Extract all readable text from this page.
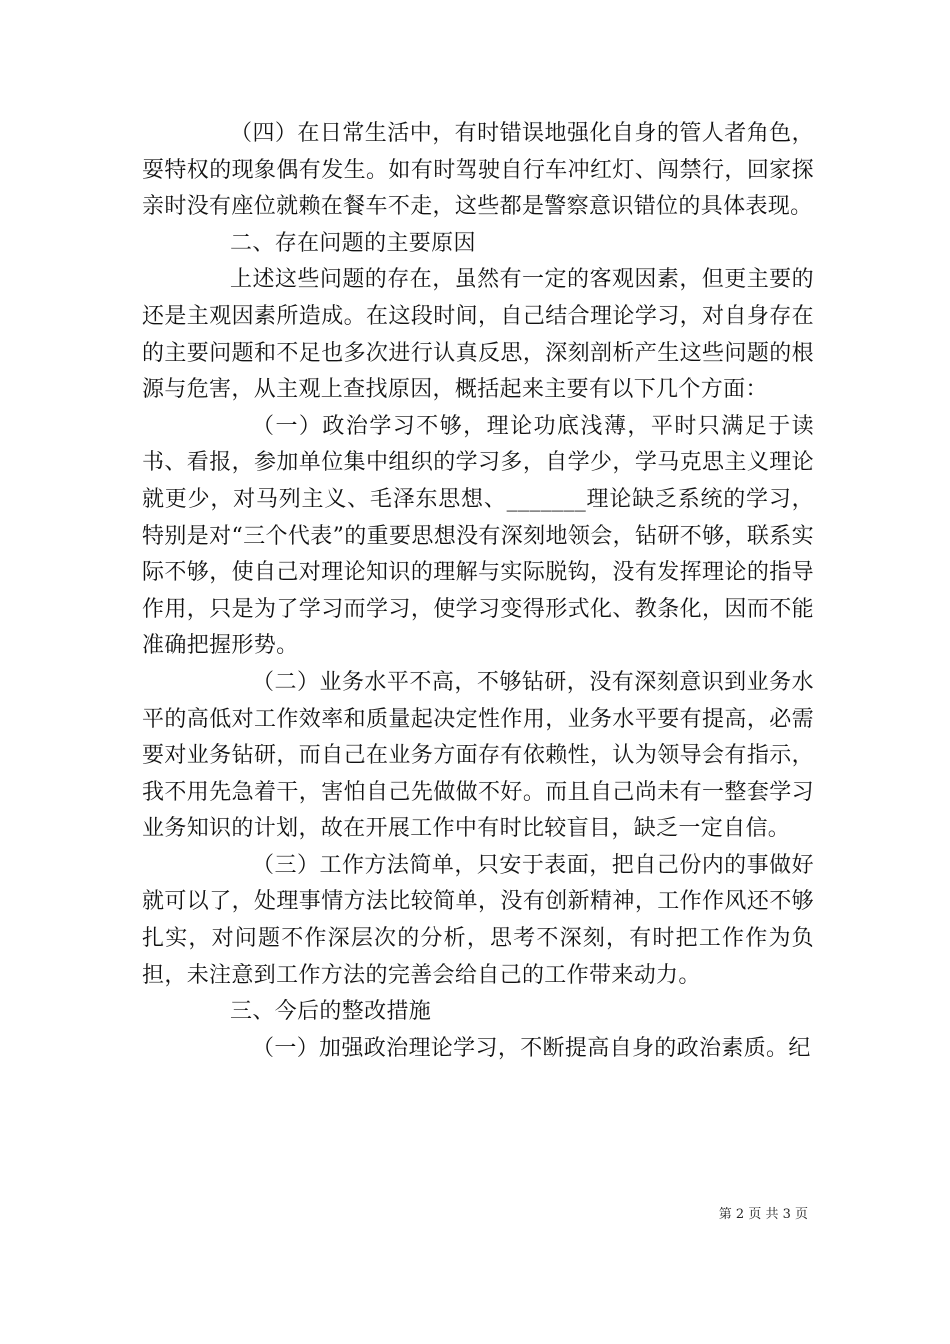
（四）在日常生活中，有时错误地强化自身的管人者角色，耍特权的现象偶有发生。如有时驾驶自行车冲红灯、闯禁行，回家探亲时没有座位就赖在餐车不走，这些都是警察意识错位的具体表现。

二、存在问题的主要原因

上述这些问题的存在，虽然有一定的客观因素，但更主要的还是主观因素所造成。在这段时间，自己结合理论学习，对自身存在的主要问题和不足也多次进行认真反思，深刻剖析产生这些问题的根源与危害，从主观上查找原因，概括起来主要有以下几个方面：

（一）政治学习不够，理论功底浅薄，平时只满足于读书、看报，参加单位集中组织的学习多，自学少，学马克思主义理论就更少，对马列主义、毛泽东思想、_______理论缺乏系统的学习，特别是对“三个代表”的重要思想没有深刻地领会，钻研不够，联系实际不够，使自己对理论知识的理解与实际脱钩，没有发挥理论的指导作用，只是为了学习而学习，使学习变得形式化、教条化，因而不能准确把握形势。

（二）业务水平不高，不够钻研，没有深刻意识到业务水平的高低对工作效率和质量起决定性作用，业务水平要有提高，必需要对业务钻研，而自己在业务方面存有依赖性，认为领导会有指示，我不用先急着干，害怕自己先做做不好。而且自己尚未有一整套学习业务知识的计划，故在开展工作中有时比较盲目，缺乏一定自信。

（三）工作方法简单，只安于表面，把自己份内的事做好就可以了，处理事情方法比较简单，没有创新精神，工作作风还不够扎实，对问题不作深层次的分析，思考不深刻，有时把工作作为负担，未注意到工作方法的完善会给自己的工作带来动力。

三、今后的整改措施

（一）加强政治理论学习，不断提高自身的政治素质。纪

第 2 页 共 3 页
